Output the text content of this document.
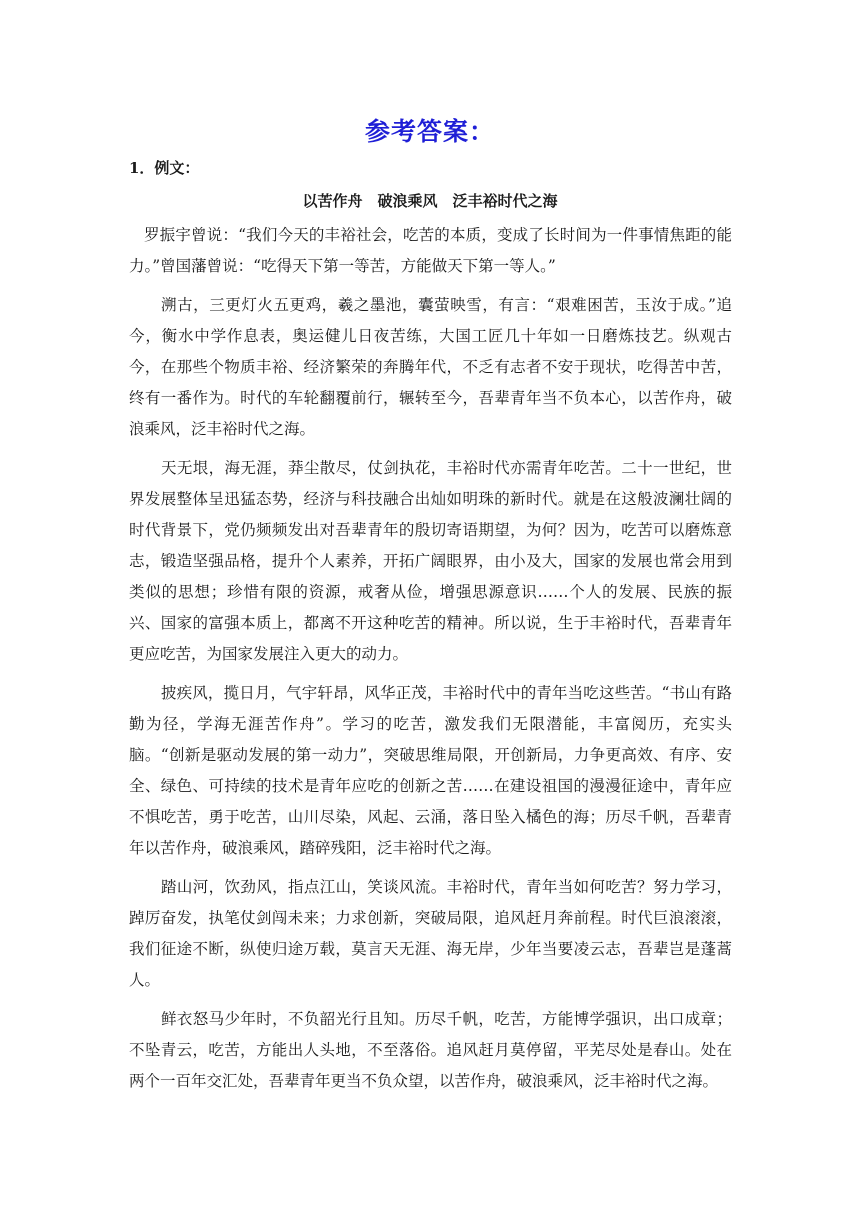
参考答案：
1．例文：
以苦作舟　破浪乘风　泛丰裕时代之海

罗振宇曾说：“我们今天的丰裕社会，吃苦的本质，变成了长时间为一件事情焦距的能力。”曾国藩曾说：“吃得天下第一等苦，方能做天下第一等人。”

溯古，三更灯火五更鸡，羲之墨池，囊萤映雪，有言：“艰难困苦，玉汝于成。”追今，衡水中学作息表，奥运健儿日夜苦练，大国工匠几十年如一日磨炼技艺。纵观古今，在那些个物质丰裕、经济繁荣的奔腾年代，不乏有志者不安于现状，吃得苦中苦，终有一番作为。时代的车轮翻覆前行，辗转至今，吾辈青年当不负本心，以苦作舟，破浪乘风，泛丰裕时代之海。

天无垠，海无涯，莽尘散尽，仗剑执花，丰裕时代亦需青年吃苦。二十一世纪，世界发展整体呈迅猛态势，经济与科技融合出灿如明珠的新时代。就是在这般波澜壮阔的时代背景下，党仍频频发出对吾辈青年的殷切寄语期望，为何？因为，吃苦可以磨炼意志，锻造坚强品格，提升个人素养，开拓广阔眼界，由小及大，国家的发展也常会用到类似的思想；珍惜有限的资源，戒奢从俭，增强思源意识……个人的发展、民族的振兴、国家的富强本质上，都离不开这种吃苦的精神。所以说，生于丰裕时代，吾辈青年更应吃苦，为国家发展注入更大的动力。

披疾风，揽日月，气宇轩昂，风华正茂，丰裕时代中的青年当吃这些苦。“书山有路勤为径，学海无涯苦作舟”。学习的吃苦，激发我们无限潜能，丰富阅历，充实头脑。“创新是驱动发展的第一动力”，突破思维局限，开创新局，力争更高效、有序、安全、绿色、可持续的技术是青年应吃的创新之苦……在建设祖国的漫漫征途中，青年应不惧吃苦，勇于吃苦，山川尽染，风起、云涌，落日坠入橘色的海；历尽千帆，吾辈青年以苦作舟，破浪乘风，踏碎残阳，泛丰裕时代之海。

踏山河，饮劲风，指点江山，笑谈风流。丰裕时代，青年当如何吃苦？努力学习，踔厉奋发，执笔仗剑闯未来；力求创新，突破局限，追风赶月奔前程。时代巨浪滚滚，我们征途不断，纵使归途万载，莫言天无涯、海无岸，少年当要凌云志，吾辈岂是蓬蒿人。

鲜衣怒马少年时，不负韶光行且知。历尽千帆，吃苦，方能博学强识，出口成章；不坠青云，吃苦，方能出人头地，不至落俗。追风赶月莫停留，平芜尽处是春山。处在两个一百年交汇处，吾辈青年更当不负众望，以苦作舟，破浪乘风，泛丰裕时代之海。
